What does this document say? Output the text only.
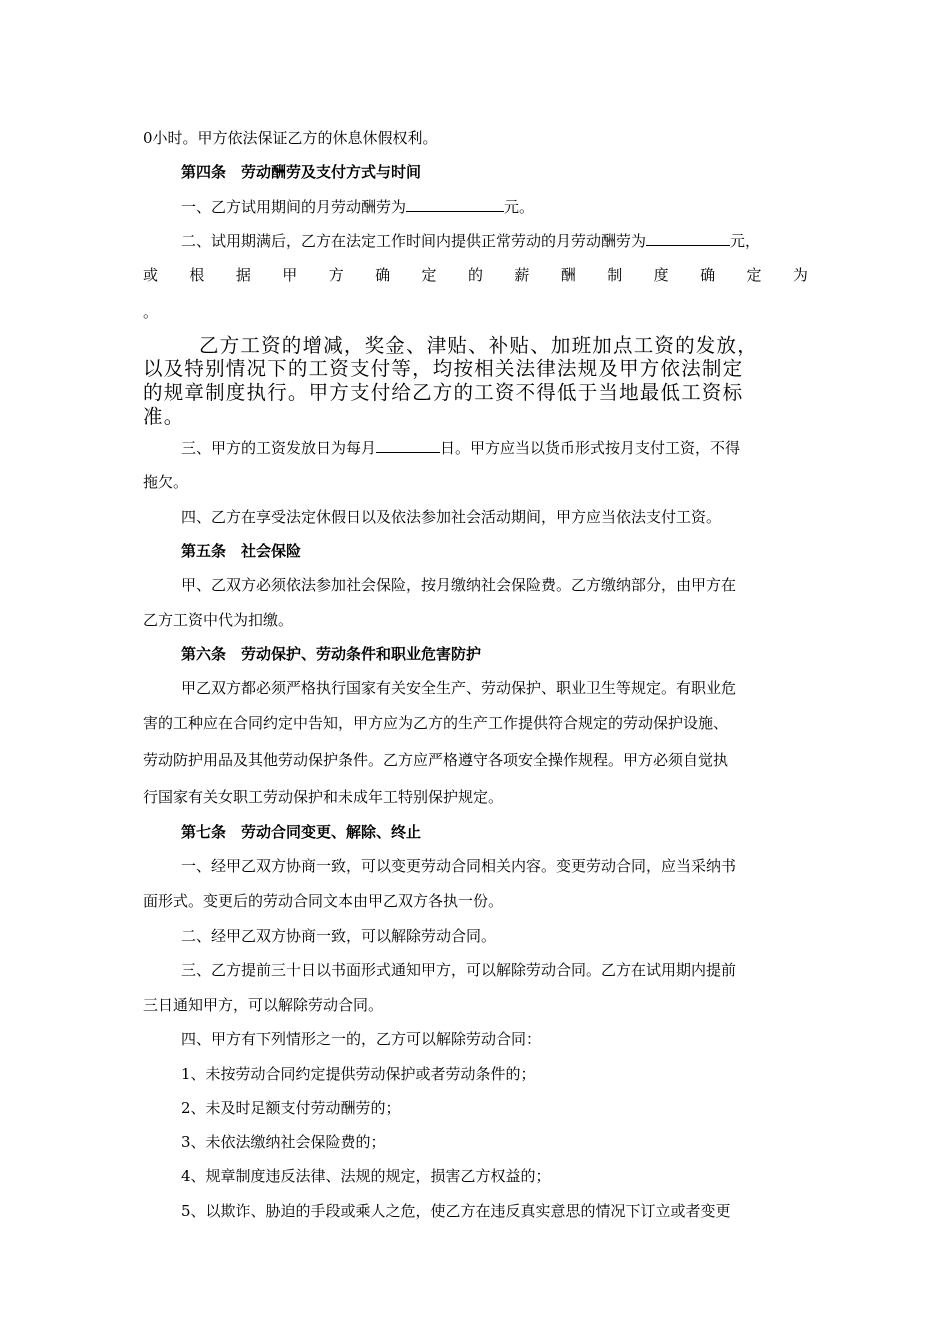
0小时。甲方依法保证乙方的休息休假权利。
第四条　劳动酬劳及支付方式与时间
一、乙方试用期间的月劳动酬劳为	元。
二、试用期满后，乙方在法定工作时间内提供正常劳动的月劳动酬劳为	元，
或 根 据 甲 方 确 定 的 薪 酬 制 度 确 定 为
。
乙方工资的增减，奖金、津贴、补贴、加班加点工资的发放，
以及特别情况下的工资支付等，均按相关法律法规及甲方依法制定
的规章制度执行。甲方支付给乙方的工资不得低于当地最低工资标
准。
三、甲方的工资发放日为每月	日。甲方应当以货币形式按月支付工资，不得
拖欠。
四、乙方在享受法定休假日以及依法参加社会活动期间，甲方应当依法支付工资。
第五条　社会保险
甲、乙双方必须依法参加社会保险，按月缴纳社会保险费。乙方缴纳部分，由甲方在
乙方工资中代为扣缴。
第六条　劳动保护、劳动条件和职业危害防护
甲乙双方都必须严格执行国家有关安全生产、劳动保护、职业卫生等规定。有职业危
害的工种应在合同约定中告知，甲方应为乙方的生产工作提供符合规定的劳动保护设施、
劳动防护用品及其他劳动保护条件。乙方应严格遵守各项安全操作规程。甲方必须自觉执
行国家有关女职工劳动保护和未成年工特别保护规定。
第七条　劳动合同变更、解除、终止
一、经甲乙双方协商一致，可以变更劳动合同相关内容。变更劳动合同，应当采纳书
面形式。变更后的劳动合同文本由甲乙双方各执一份。
二、经甲乙双方协商一致，可以解除劳动合同。
三、乙方提前三十日以书面形式通知甲方，可以解除劳动合同。乙方在试用期内提前
三日通知甲方，可以解除劳动合同。
四、甲方有下列情形之一的，乙方可以解除劳动合同：
1、未按劳动合同约定提供劳动保护或者劳动条件的；
2、未及时足额支付劳动酬劳的；
3、未依法缴纳社会保险费的；
4、规章制度违反法律、法规的规定，损害乙方权益的；
5、以欺诈、胁迫的手段或乘人之危，使乙方在违反真实意思的情况下订立或者变更
